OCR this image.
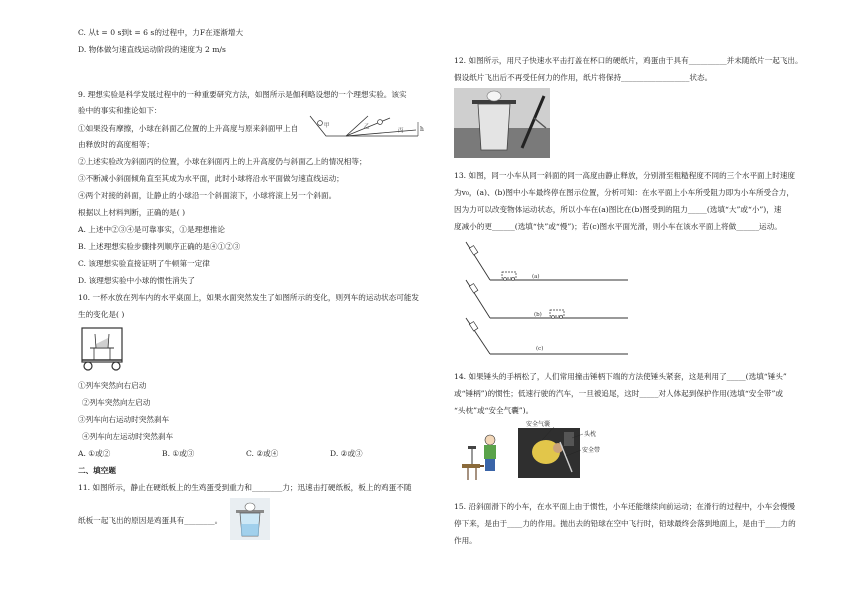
C. 从t = 0 s到t = 6 s的过程中，力F在逐渐增大
D. 物体做匀速直线运动阶段的速度为 2 m/s
9. 理想实验是科学发展过程中的一种重要研究方法，如图所示是伽利略设想的一个理想实验。该实
验中的事实和推论如下：
①如果没有摩擦，小球在斜面乙位置的上升高度与原来斜面甲上自
由释放时的高度相等；
甲	乙
丙	h
②上述实验改为斜面丙的位置，小球在斜面丙上的上升高度仍与斜面乙上的情况相等；
③不断减小斜面倾角直至其成为水平面，此时小球将沿水平面做匀速直线运动；
④两个对接的斜面，让静止的小球沿一个斜面滚下，小球将滚上另一个斜面。
根据以上材料判断，正确的是( )
A. 上述中②③④是可靠事实，①是理想推论
B. 上述理想实验步骤排列顺序正确的是④①②③
C. 该理想实验直接证明了牛顿第一定律
D. 该理想实验中小球的惯性消失了
10. 一杯水放在列车内的水平桌面上，如果水面突然发生了如图所示的变化，则列车的运动状态可能发
生的变化是( )
①列车突然向右启动
②列车突然向左启动
③列车向右运动时突然刹车
④列车向左运动时突然刹车
A. ①或②	B. ①或③	C. ②或④	D. ②或③
二、填空题
11. 如图所示，静止在硬纸板上的生鸡蛋受到重力和________力；迅速击打硬纸板，板上的鸡蛋不随
纸板一起飞出的原因是鸡蛋具有________。
12. 如图所示，用尺子快速水平击打盖在杯口的硬纸片，鸡蛋由于具有__________并未随纸片一起飞出。
假设纸片飞出后不再受任何力的作用，纸片将保持__________________状态。
13. 如图，同一小车从同一斜面的同一高度由静止释放，分别滑至粗糙程度不同的三个水平面上时速度
为v₀，(a)、(b)图中小车最终停在图示位置，分析可知：在水平面上小车所受阻力即为小车所受合力，
因为力可以改变物体运动状态，所以小车在(a)图比在(b)图受到的阻力_____(选填“大”或“小”)，速
度减小的更______(选填“快”或“慢”)；若(c)图水平面光滑，则小车在该水平面上将做______运动。
(a)
(b)
(c)
14. 如果锤头的手柄松了，人们常用撞击锤柄下端的方法使锤头紧套，这是利用了_____(选填“锤头”
或“锤柄”)的惯性；低速行驶的汽车，一旦被追尾，这时_____对人体起到保护作用(选填“安全带”或
“头枕”或“安全气囊”)。
安全气囊
头枕
安全带
15. 沿斜面滑下的小车，在水平面上由于惯性，小车还能继续向前运动；在滑行的过程中，小车会慢慢
停下来，是由于____力的作用。抛出去的铅球在空中飞行时，铅球最终会落到地面上，是由于____力的
作用。
